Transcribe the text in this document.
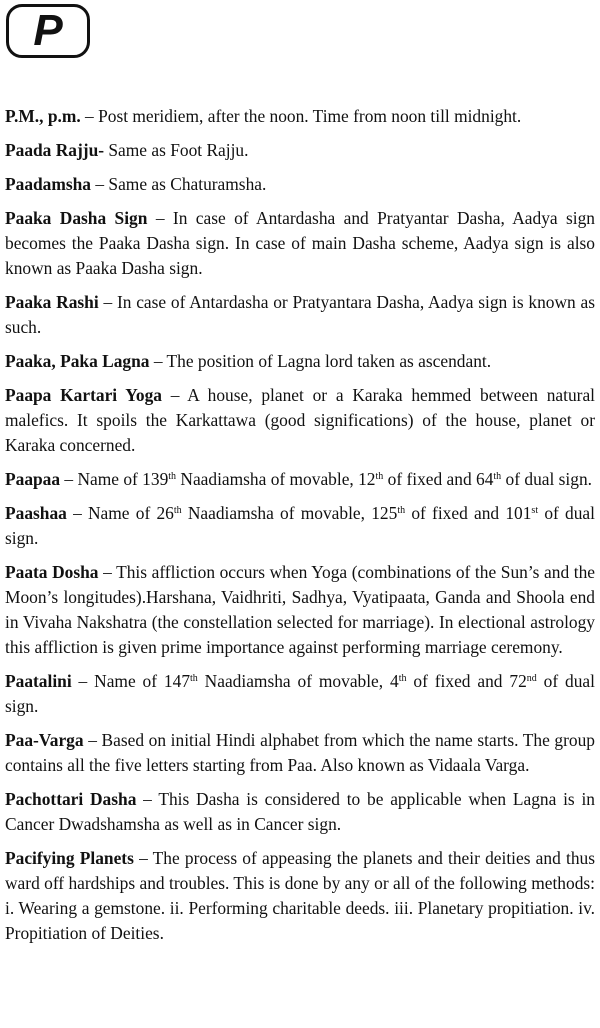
P

P.M., p.m. – Post meridiem, after the noon. Time from noon till midnight.

Paada Rajju- Same as Foot Rajju.

Paadamsha – Same as Chaturamsha.

Paaka Dasha Sign – In case of Antardasha and Pratyantar Dasha, Aadya sign becomes the Paaka Dasha sign. In case of main Dasha scheme, Aadya sign is also known as Paaka Dasha sign.

Paaka Rashi – In case of Antardasha or Pratyantara Dasha, Aadya sign is known as such.

Paaka, Paka Lagna – The position of Lagna lord taken as ascendant.

Paapa Kartari Yoga – A house, planet or a Karaka hemmed between natural malefics. It spoils the Karkattawa (good significations) of the house, planet or Karaka concerned.

Paapaa – Name of 139th Naadiamsha of movable, 12th of fixed and 64th of dual sign.

Paashaa – Name of 26th Naadiamsha of movable, 125th of fixed and 101st of dual sign.

Paata Dosha – This affliction occurs when Yoga (combinations of the Sun’s and the Moon’s longitudes).Harshana, Vaidhriti, Sadhya, Vyatipaata, Ganda and Shoola end in Vivaha Nakshatra (the constellation selected for marriage). In electional astrology this affliction is given prime importance against performing marriage ceremony.

Paatalini – Name of 147th Naadiamsha of movable, 4th of fixed and 72nd of dual sign.

Paa-Varga – Based on initial Hindi alphabet from which the name starts. The group contains all the five letters starting from Paa. Also known as Vidaala Varga.

Pachottari Dasha – This Dasha is considered to be applicable when Lagna is in Cancer Dwadshamsha as well as in Cancer sign.

Pacifying Planets – The process of appeasing the planets and their deities and thus ward off hardships and troubles. This is done by any or all of the following methods: i. Wearing a gemstone. ii. Performing charitable deeds. iii. Planetary propitiation. iv. Propitiation of Deities.
